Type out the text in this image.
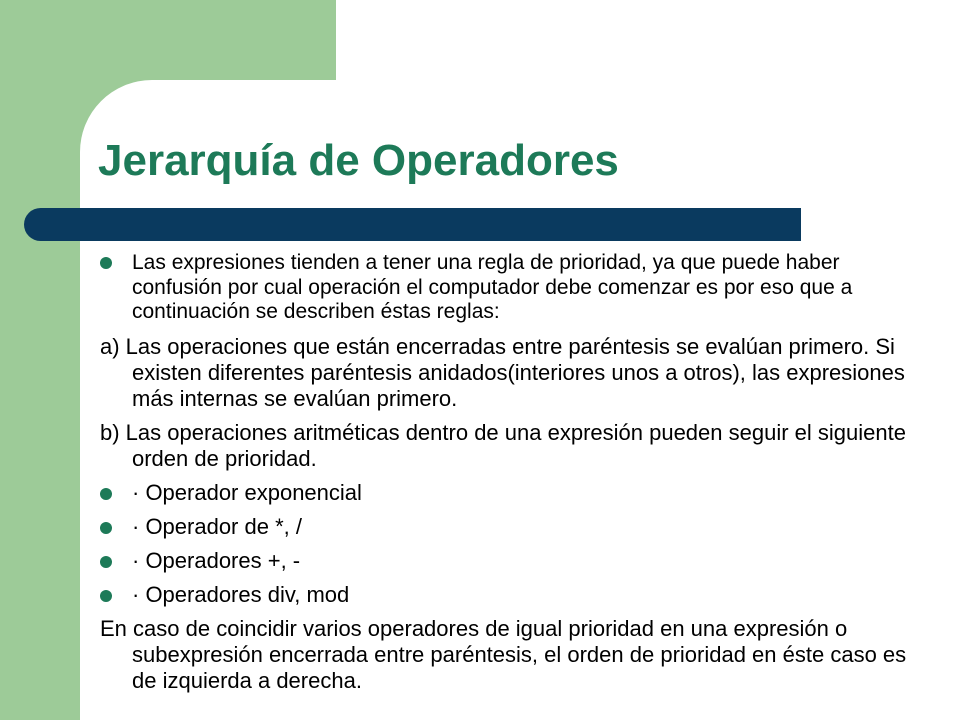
Jerarquía de Operadores
Las expresiones tienden a tener una regla de prioridad, ya que puede haber confusión por cual operación el computador debe comenzar es por eso que a continuación se describen éstas reglas:

a) Las operaciones que están encerradas entre paréntesis se evalúan primero. Si existen diferentes paréntesis anidados(interiores unos a otros), las expresiones más internas se evalúan primero.

b) Las operaciones aritméticas dentro de una expresión pueden seguir el siguiente orden de prioridad.

· Operador exponencial
· Operador de *, /
· Operadores +, -
· Operadores div, mod

En caso de coincidir varios operadores de igual prioridad en una expresión o subexpresión encerrada entre paréntesis, el orden de prioridad en éste caso es de izquierda a derecha.
